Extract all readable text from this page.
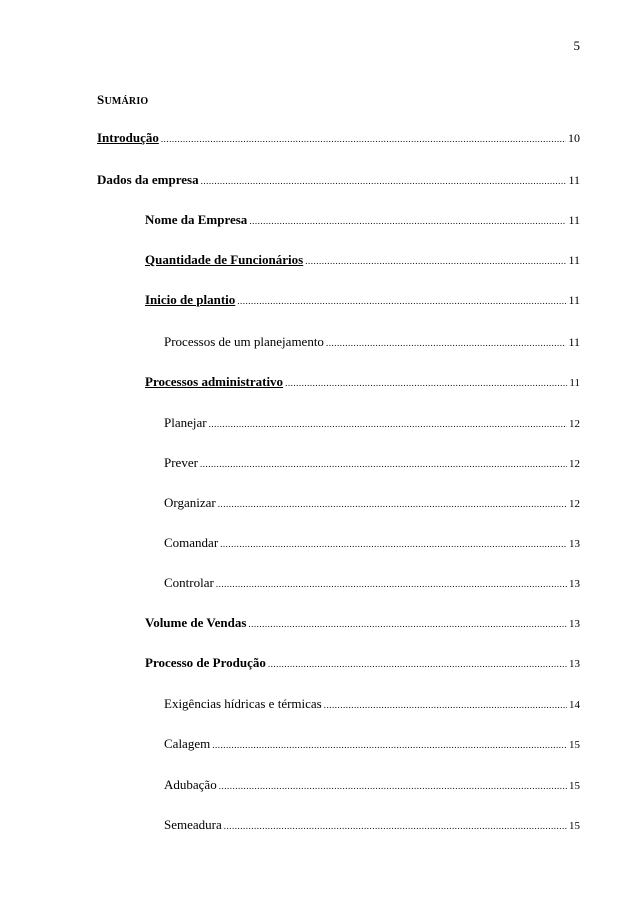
5
SUMÁRIO
Introdução .....	10
Dados da empresa .....	11
Nome da Empresa .....	11
Quantidade de Funcionários .....	11
Inicio de plantio .....	11
Processos de um planejamento .....	11
Processos administrativo .....	11
Planejar .....	12
Prever .....	12
Organizar .....	12
Comandar .....	13
Controlar .....	13
Volume de Vendas .....	13
Processo de Produção .....	13
Exigências hídricas e térmicas .....	14
Calagem .....	15
Adubação .....	15
Semeadura .....	15
